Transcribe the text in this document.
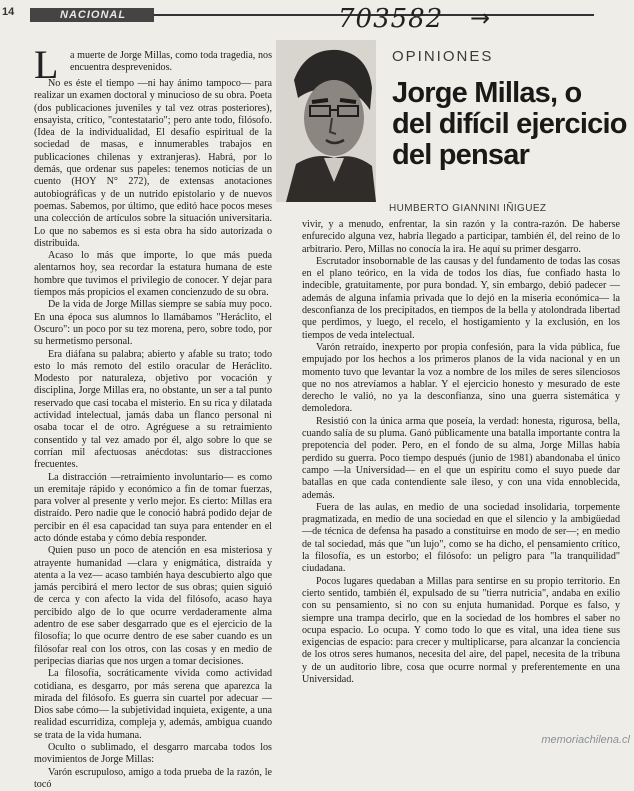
14	NACIONAL	703582	→
OPINIONES
Jorge Millas, o
del difícil ejercicio
del pensar
HUMBERTO GIANNINI IÑIGUEZ
L	a muerte de Jorge Millas, como toda tragedia, nos encuentra desprevenidos.

No es éste el tiempo —ni hay ánimo tampoco— para realizar un examen doctoral y minucioso de su obra. Poeta (dos publicaciones juveniles y tal vez otras posteriores), ensayista, crítico, "contestatario"; pero ante todo, filósofo. (Idea de la individualidad, El desafío espiritual de la sociedad de masas, e innumerables trabajos en publicaciones chilenas y extranjeras). Habrá, por lo demás, que ordenar sus papeles: tenemos noticias de un cuento (HOY N° 272), de extensas anotaciones autobiográficas y de un nutrido epistolario y de nuevos poemas. Sabemos, por último, que editó hace pocos meses una colección de artículos sobre la situación universitaria. Lo que no sabemos es si esta obra ha sido autorizada o distribuida.

Acaso lo más que importe, lo que más pueda alentarnos hoy, sea recordar la estatura humana de este hombre que tuvimos el privilegio de conocer. Y dejar para tiempos más propicios el examen concienzudo de su obra.

De la vida de Jorge Millas siempre se sabía muy poco. En una época sus alumnos lo llamábamos "Heráclito, el Oscuro": un poco por su tez morena, pero, sobre todo, por su hermetismo personal.

Era diáfana su palabra; abierto y afable su trato; todo esto lo más remoto del estilo oracular de Heráclito. Modesto por naturaleza, objetivo por vocación y disciplina, Jorge Millas era, no obstante, un ser a tal punto reservado que casi tocaba el misterio. En su rica y dilatada actividad intelectual, jamás daba un flanco personal ni osaba tocar el de otro. Agréguese a su retraimiento consentido y tal vez amado por él, algo sobre lo que se corrían mil afectuosas anécdotas: sus distracciones frecuentes.

La distracción —retraimiento involuntario— es como un eremitaje rápido y económico a fin de tomar fuerzas, para volver al presente y verlo mejor. Es cierto: Millas era distraído. Pero nadie que le conoció habrá podido dejar de percibir en él esa capacidad tan suya para entender en el acto dónde estaba y cómo debía responder.

Quien puso un poco de atención en esa misteriosa y atrayente humanidad —clara y enigmática, distraída y atenta a la vez— acaso también haya descubierto algo que jamás percibirá el mero lector de sus obras; quien siguió de cerca y con afecto la vida del filósofo, acaso haya percibido algo de lo que ocurre verdaderamente alma adentro de ese saber desgarrado que es el ejercicio de la filosofía; lo que ocurre dentro de ese saber cuando es un filósofar real con los otros, con las cosas y en medio de peripecias diarias que nos urgen a tomar decisiones.

La filosofía, socráticamente vivida como actividad cotidiana, es desgarro, por más serena que aparezca la mirada del filósofo. Es guerra sin cuartel por adecuar —Dios sabe cómo— la subjetividad inquieta, exigente, a una realidad escurridiza, compleja y, además, ambigua cuando se trata de la vida humana.

Oculto o sublimado, el desgarro marcaba todos los movimientos de Jorge Millas:

Varón escrupuloso, amigo a toda prueba de la razón, le tocó

vivir, y a menudo, enfrentar, la sin razón y la contra-razón. De haberse enfurecido alguna vez, habría llegado a participar, también él, del reino de lo arbitrario. Pero, Millas no conocía la ira. He aquí su primer desgarro.

Escrutador insobornable de las causas y del fundamento de todas las cosas en el plano teórico, en la vida de todos los días, fue confiado hasta lo indecible, gratuitamente, por pura bondad. Y, sin embargo, debió padecer —además de alguna infamia privada que lo dejó en la miseria económica— la desconfianza de los precipitados, en tiempos de la bella y atolondrada libertad que perdimos, y luego, el recelo, el hostigamiento y la exclusión, en los tiempos de veda intelectual.

Varón retraído, inexperto por propia confesión, para la vida pública, fue empujado por los hechos a los primeros planos de la vida nacional y en un momento tuvo que levantar la voz a nombre de los miles de seres silenciosos que no nos atrevíamos a hablar. Y el ejercicio honesto y mesurado de este derecho le valió, no ya la desconfianza, sino una guerra sistemática y demoledora.

Resistió con la única arma que poseía, la verdad: honesta, rigurosa, bella, cuando salía de su pluma. Ganó públicamente una batalla importante contra la prepotencia del poder. Pero, en el fondo de su alma, Jorge Millas había perdido su guerra. Poco tiempo después (junio de 1981) abandonaba el único campo —la Universidad— en el que un espíritu como el suyo puede dar batallas en que cada contendiente sale ileso, y con una vida ennoblecida, además.

Fuera de las aulas, en medio de una sociedad insolidaria, torpemente pragmatizada, en medio de una sociedad en que el silencio y la ambigüedad —de técnica de defensa ha pasado a constituirse en modo de ser—; en medio de tal sociedad, más que "un lujo", como se ha dicho, el pensamiento crítico, la filosofía, es un estorbo; el filósofo: un peligro para "la tranquilidad" ciudadana.

Pocos lugares quedaban a Millas para sentirse en su propio territorio. En cierto sentido, también él, expulsado de su "tierra nutricia", andaba en exilio con su pensamiento, si no con su enjuta humanidad. Porque es falso, y siempre una trampa decirlo, que en la sociedad de los hombres el saber no ocupa espacio. Lo ocupa. Y como todo lo que es vital, una idea tiene sus exigencias de espacio: para crecer y multiplicarse, para alcanzar la conciencia de los otros seres humanos, necesita del aire, del papel, necesita de la tribuna y de un auditorio libre, cosa que ocurre normal y preferentemente en una Universidad.

memoriachilena.cl
